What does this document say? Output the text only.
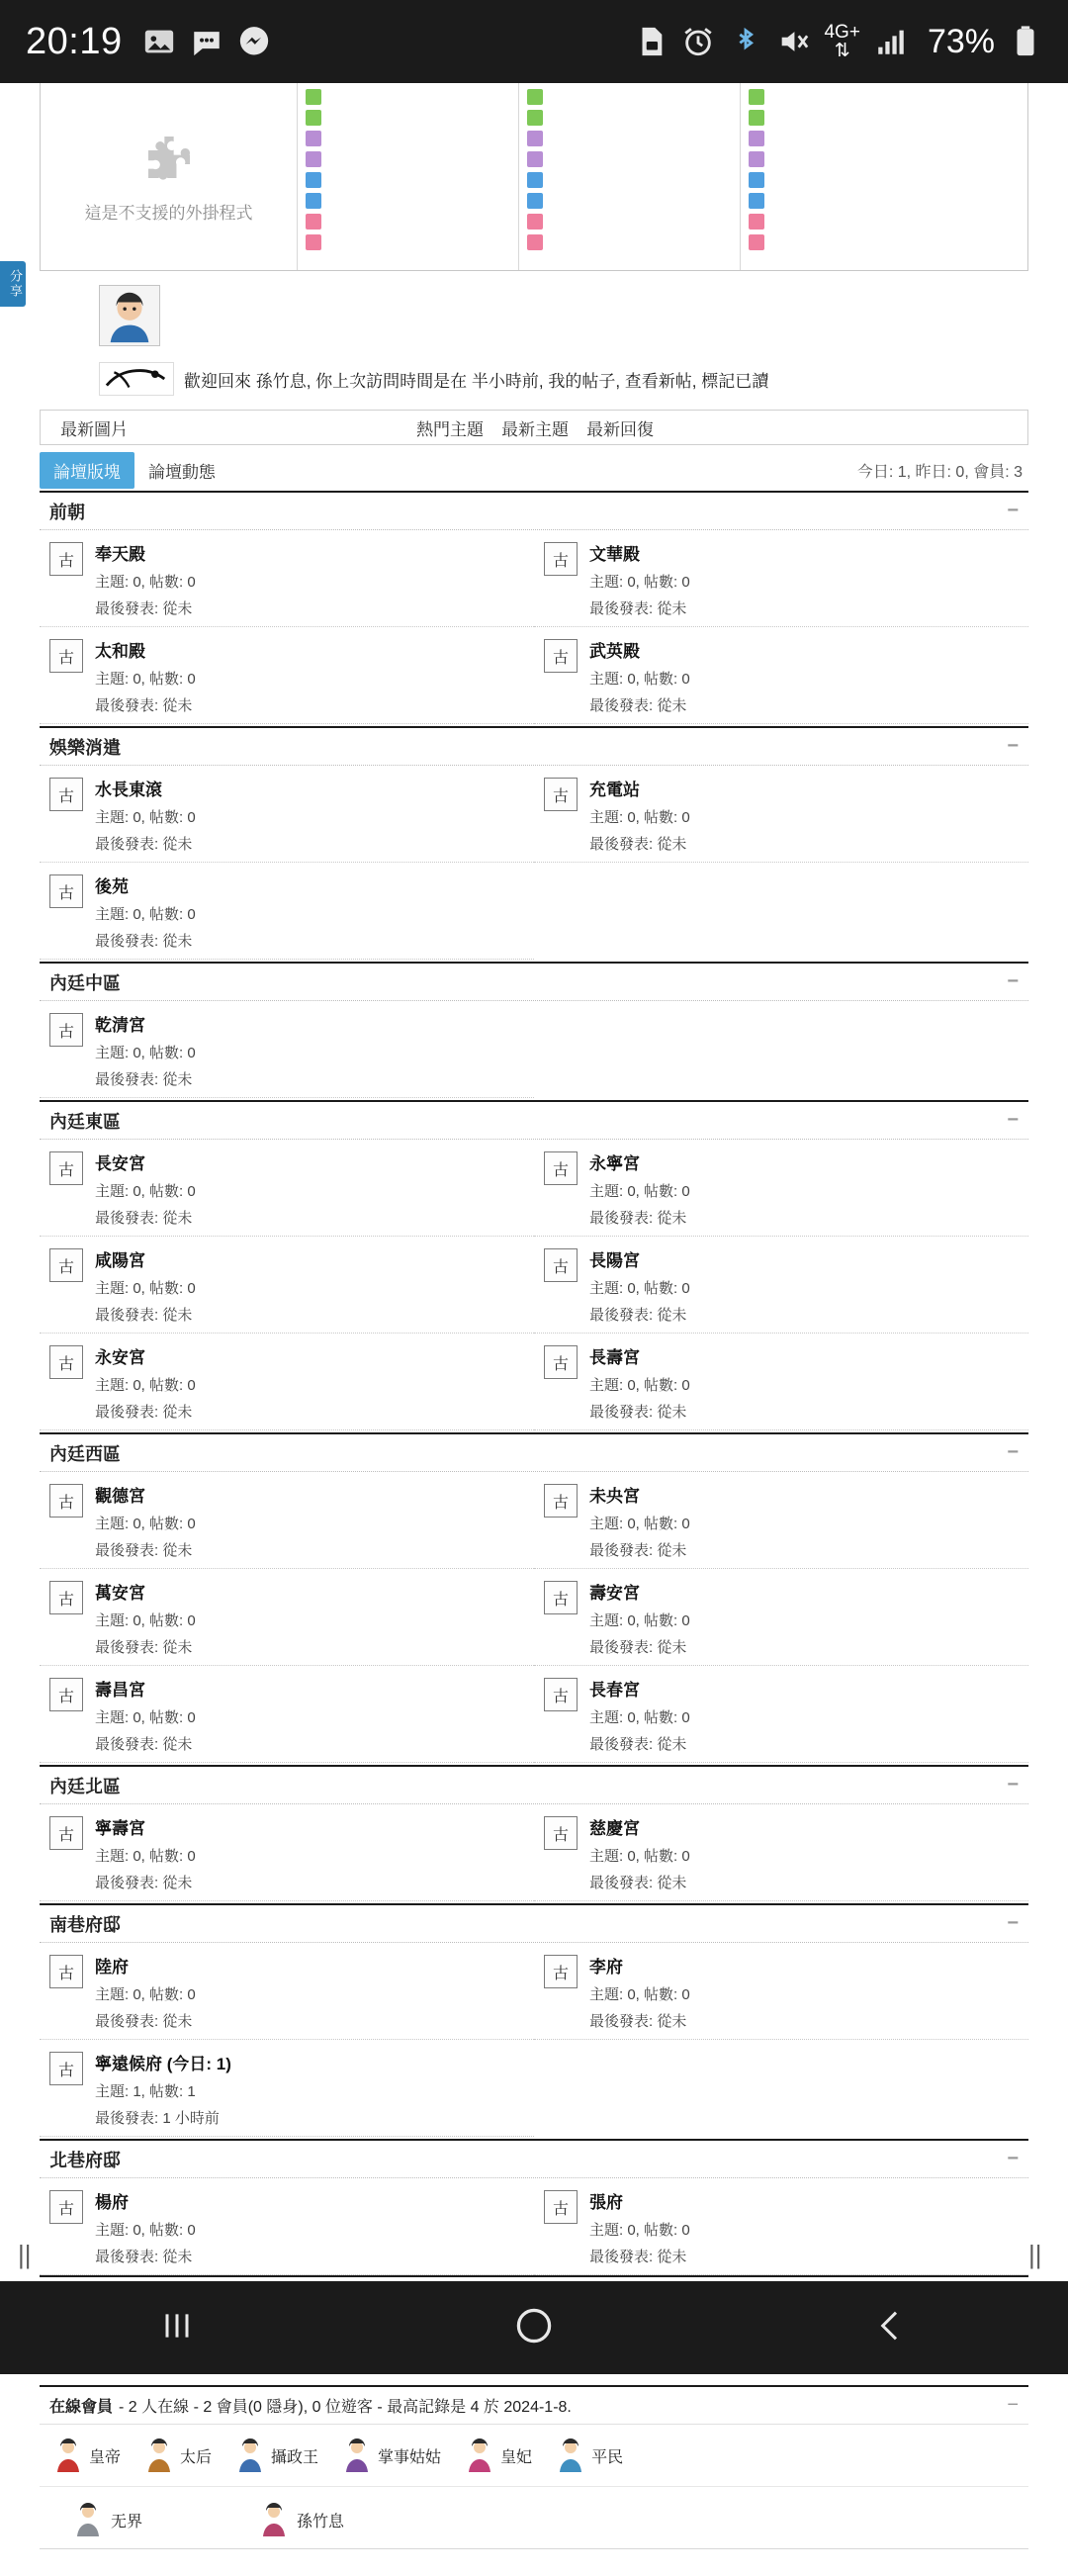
20:19	4G+
⇅ 73%
分享
這是不支援的外掛程式
歡迎回來 孫竹息, 你上次訪問時間是在 半小時前, 我的帖子, 查看新帖, 標記已讀
最新圖片	熱門主題 最新主題 最新回復
論壇版塊	論壇動態	今日: 1, 昨日: 0, 會員: 3
前朝	−
古	奉天殿
主題: 0, 帖數: 0
最後發表: 從未
古	文華殿
主題: 0, 帖數: 0
最後發表: 從未
古	太和殿
主題: 0, 帖數: 0
最後發表: 從未
古	武英殿
主題: 0, 帖數: 0
最後發表: 從未
娛樂消遣	−
古	水長東滾
主題: 0, 帖數: 0
最後發表: 從未
古	充電站
主題: 0, 帖數: 0
最後發表: 從未
古	後苑
主題: 0, 帖數: 0
最後發表: 從未
內廷中區	−
古	乾清宮
主題: 0, 帖數: 0
最後發表: 從未
內廷東區	−
古	長安宮
主題: 0, 帖數: 0
最後發表: 從未
古	永寧宮
主題: 0, 帖數: 0
最後發表: 從未
古	咸陽宮
主題: 0, 帖數: 0
最後發表: 從未
古	長陽宮
主題: 0, 帖數: 0
最後發表: 從未
古	永安宮
主題: 0, 帖數: 0
最後發表: 從未
古	長壽宮
主題: 0, 帖數: 0
最後發表: 從未
內廷西區	−
古	觀德宮
主題: 0, 帖數: 0
最後發表: 從未
古	未央宮
主題: 0, 帖數: 0
最後發表: 從未
古	萬安宮
主題: 0, 帖數: 0
最後發表: 從未
古	壽安宮
主題: 0, 帖數: 0
最後發表: 從未
古	壽昌宮
主題: 0, 帖數: 0
最後發表: 從未
古	長春宮
主題: 0, 帖數: 0
最後發表: 從未
內廷北區	−
古	寧壽宮
主題: 0, 帖數: 0
最後發表: 從未
古	慈慶宮
主題: 0, 帖數: 0
最後發表: 從未
南巷府邸	−
古	陸府
主題: 0, 帖數: 0
最後發表: 從未
古	李府
主題: 0, 帖數: 0
最後發表: 從未
古	寧遠候府 (今日: 1)
主題: 1, 帖數: 1
最後發表: 1 小時前
北巷府邸	−
古	楊府
主題: 0, 帖數: 0
最後發表: 從未
古	張府
主題: 0, 帖數: 0
最後發表: 從未
在線會員 - 2 人在線 - 2 會員(0 隱身), 0 位遊客 - 最高記錄是 4 於 2024-1-8.	−
皇帝	太后	攝政王	掌事姑姑	皇妃	平民
无界	孫竹息
||	||
